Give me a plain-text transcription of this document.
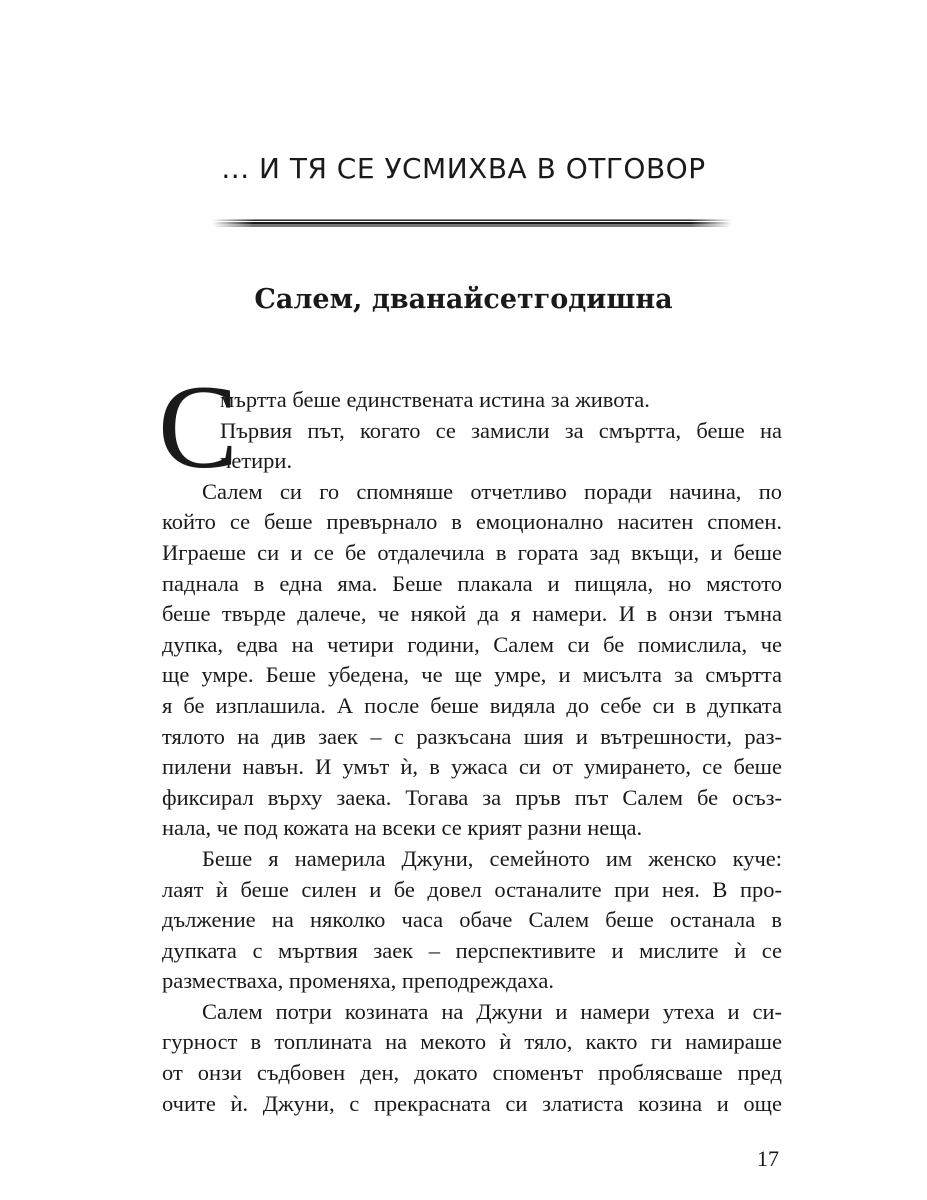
... И ТЯ СЕ УСМИХВА В ОТГОВОР
Салем, дванайсетгодишна
С
мъртта беше единствената истина за живота.
Първия път, когато се замисли за смъртта, беше на
четири.
Салем си го спомняше отчетливо поради начина, по
който се беше превърнало в емоционално наситен спомен.
Играеше си и се бе отдалечила в гората зад вкъщи, и беше
паднала в една яма. Беше плакала и пищяла, но мястото
беше твърде далече, че някой да я намери. И в онзи тъмна
дупка, едва на четири години, Салем си бе помислила, че
ще умре. Беше убедена, че ще умре, и мисълта за смъртта
я бе изплашила. А после беше видяла до себе си в дупката
тялото на див заек – с разкъсана шия и вътрешности, раз-
пилени навън. И умът ѝ, в ужаса си от умирането, се беше
фиксирал върху заека. Тогава за пръв път Салем бе осъз-
нала, че под кожата на всеки се крият разни неща.
Беше я намерила Джуни, семейното им женско куче:
лаят ѝ беше силен и бе довел останалите при нея. В про-
дължение на няколко часа обаче Салем беше останала в
дупката с мъртвия заек – перспективите и мислите ѝ се
разместваха, променяха, преподреждаха.
Салем потри козината на Джуни и намери утеха и си-
гурност в топлината на мекото ѝ тяло, както ги намираше
от онзи съдбовен ден, докато споменът проблясваше пред
очите ѝ. Джуни, с прекрасната си златиста козина и още
17
